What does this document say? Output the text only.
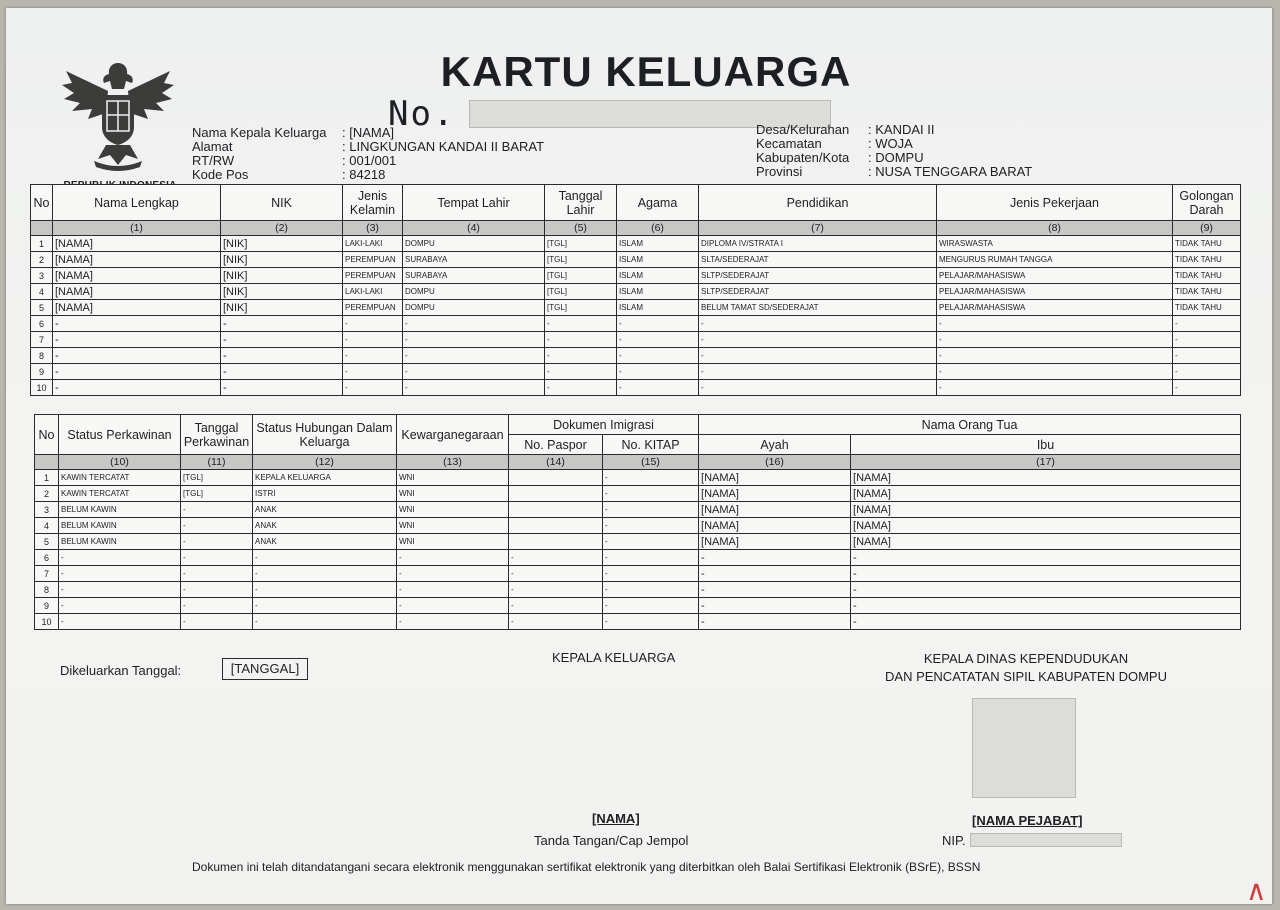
KARTU KELUARGA
No.
Nama Kepala Keluarga	: [NAMA]
Alamat	: LINGKUNGAN KANDAI II BARAT
RT/RW	: 001/001
Kode Pos	: 84218
Desa/Kelurahan	: KANDAI II
Kecamatan	: WOJA
Kabupaten/Kota	: DOMPU
Provinsi	: NUSA TENGGARA BARAT
No	Nama Lengkap	NIK	Jenis Kelamin	Tempat Lahir	Tanggal Lahir	Agama	Pendidikan	Jenis Pekerjaan	Golongan Darah
	(1)	(2)	(3)	(4)	(5)	(6)	(7)	(8)	(9)
1	[NAMA]	[NIK]	LAKI-LAKI	DOMPU	[TGL]	ISLAM	DIPLOMA IV/STRATA I	WIRASWASTA	TIDAK TAHU
2	[NAMA]	[NIK]	PEREMPUAN	SURABAYA	[TGL]	ISLAM	SLTA/SEDERAJAT	MENGURUS RUMAH TANGGA	TIDAK TAHU
3	[NAMA]	[NIK]	PEREMPUAN	SURABAYA	[TGL]	ISLAM	SLTP/SEDERAJAT	PELAJAR/MAHASISWA	TIDAK TAHU
4	[NAMA]	[NIK]	LAKI-LAKI	DOMPU	[TGL]	ISLAM	SLTP/SEDERAJAT	PELAJAR/MAHASISWA	TIDAK TAHU
5	[NAMA]	[NIK]	PEREMPUAN	DOMPU	[TGL]	ISLAM	BELUM TAMAT SD/SEDERAJAT	PELAJAR/MAHASISWA	TIDAK TAHU
6	-	-	-	-	-	-	-	-	-
7	-	-	-	-	-	-	-	-	-
8	-	-	-	-	-	-	-	-	-
9	-	-	-	-	-	-	-	-	-
10	-	-	-	-	-	-	-	-	-
No	Status Perkawinan	Tanggal Perkawinan	Status Hubungan Dalam Keluarga	Kewarganegaraan	Dokumen Imigrasi		Nama Orang Tua	
					No. Paspor	No. KITAP	Ayah	Ibu
	(10)	(11)	(12)	(13)	(14)	(15)	(16)	(17)
1	KAWIN TERCATAT	[TGL]	KEPALA KELUARGA	WNI		-	[NAMA]	[NAMA]
2	KAWIN TERCATAT	[TGL]	ISTRI	WNI		-	[NAMA]	[NAMA]
3	BELUM KAWIN	-	ANAK	WNI		-	[NAMA]	[NAMA]
4	BELUM KAWIN	-	ANAK	WNI		-	[NAMA]	[NAMA]
5	BELUM KAWIN	-	ANAK	WNI		-	[NAMA]	[NAMA]
6	-	-	-	-	-	-	-	-
7	-	-	-	-	-	-	-	-
8	-	-	-	-	-	-	-	-
9	-	-	-	-	-	-	-	-
10	-	-	-	-	-	-	-	-
Dikeluarkan Tanggal:	[TANGGAL]
KEPALA KELUARGA	KEPALA DINAS KEPENDUDUKAN
DAN PENCATATAN SIPIL KABUPATEN DOMPU
[NAMA]
Tanda Tangan/Cap Jempol
[NAMA PEJABAT]
NIP.
Dokumen ini telah ditandatangani secara elektronik menggunakan sertifikat elektronik yang diterbitkan oleh Balai Sertifikasi Elektronik (BSrE), BSSN
∧
